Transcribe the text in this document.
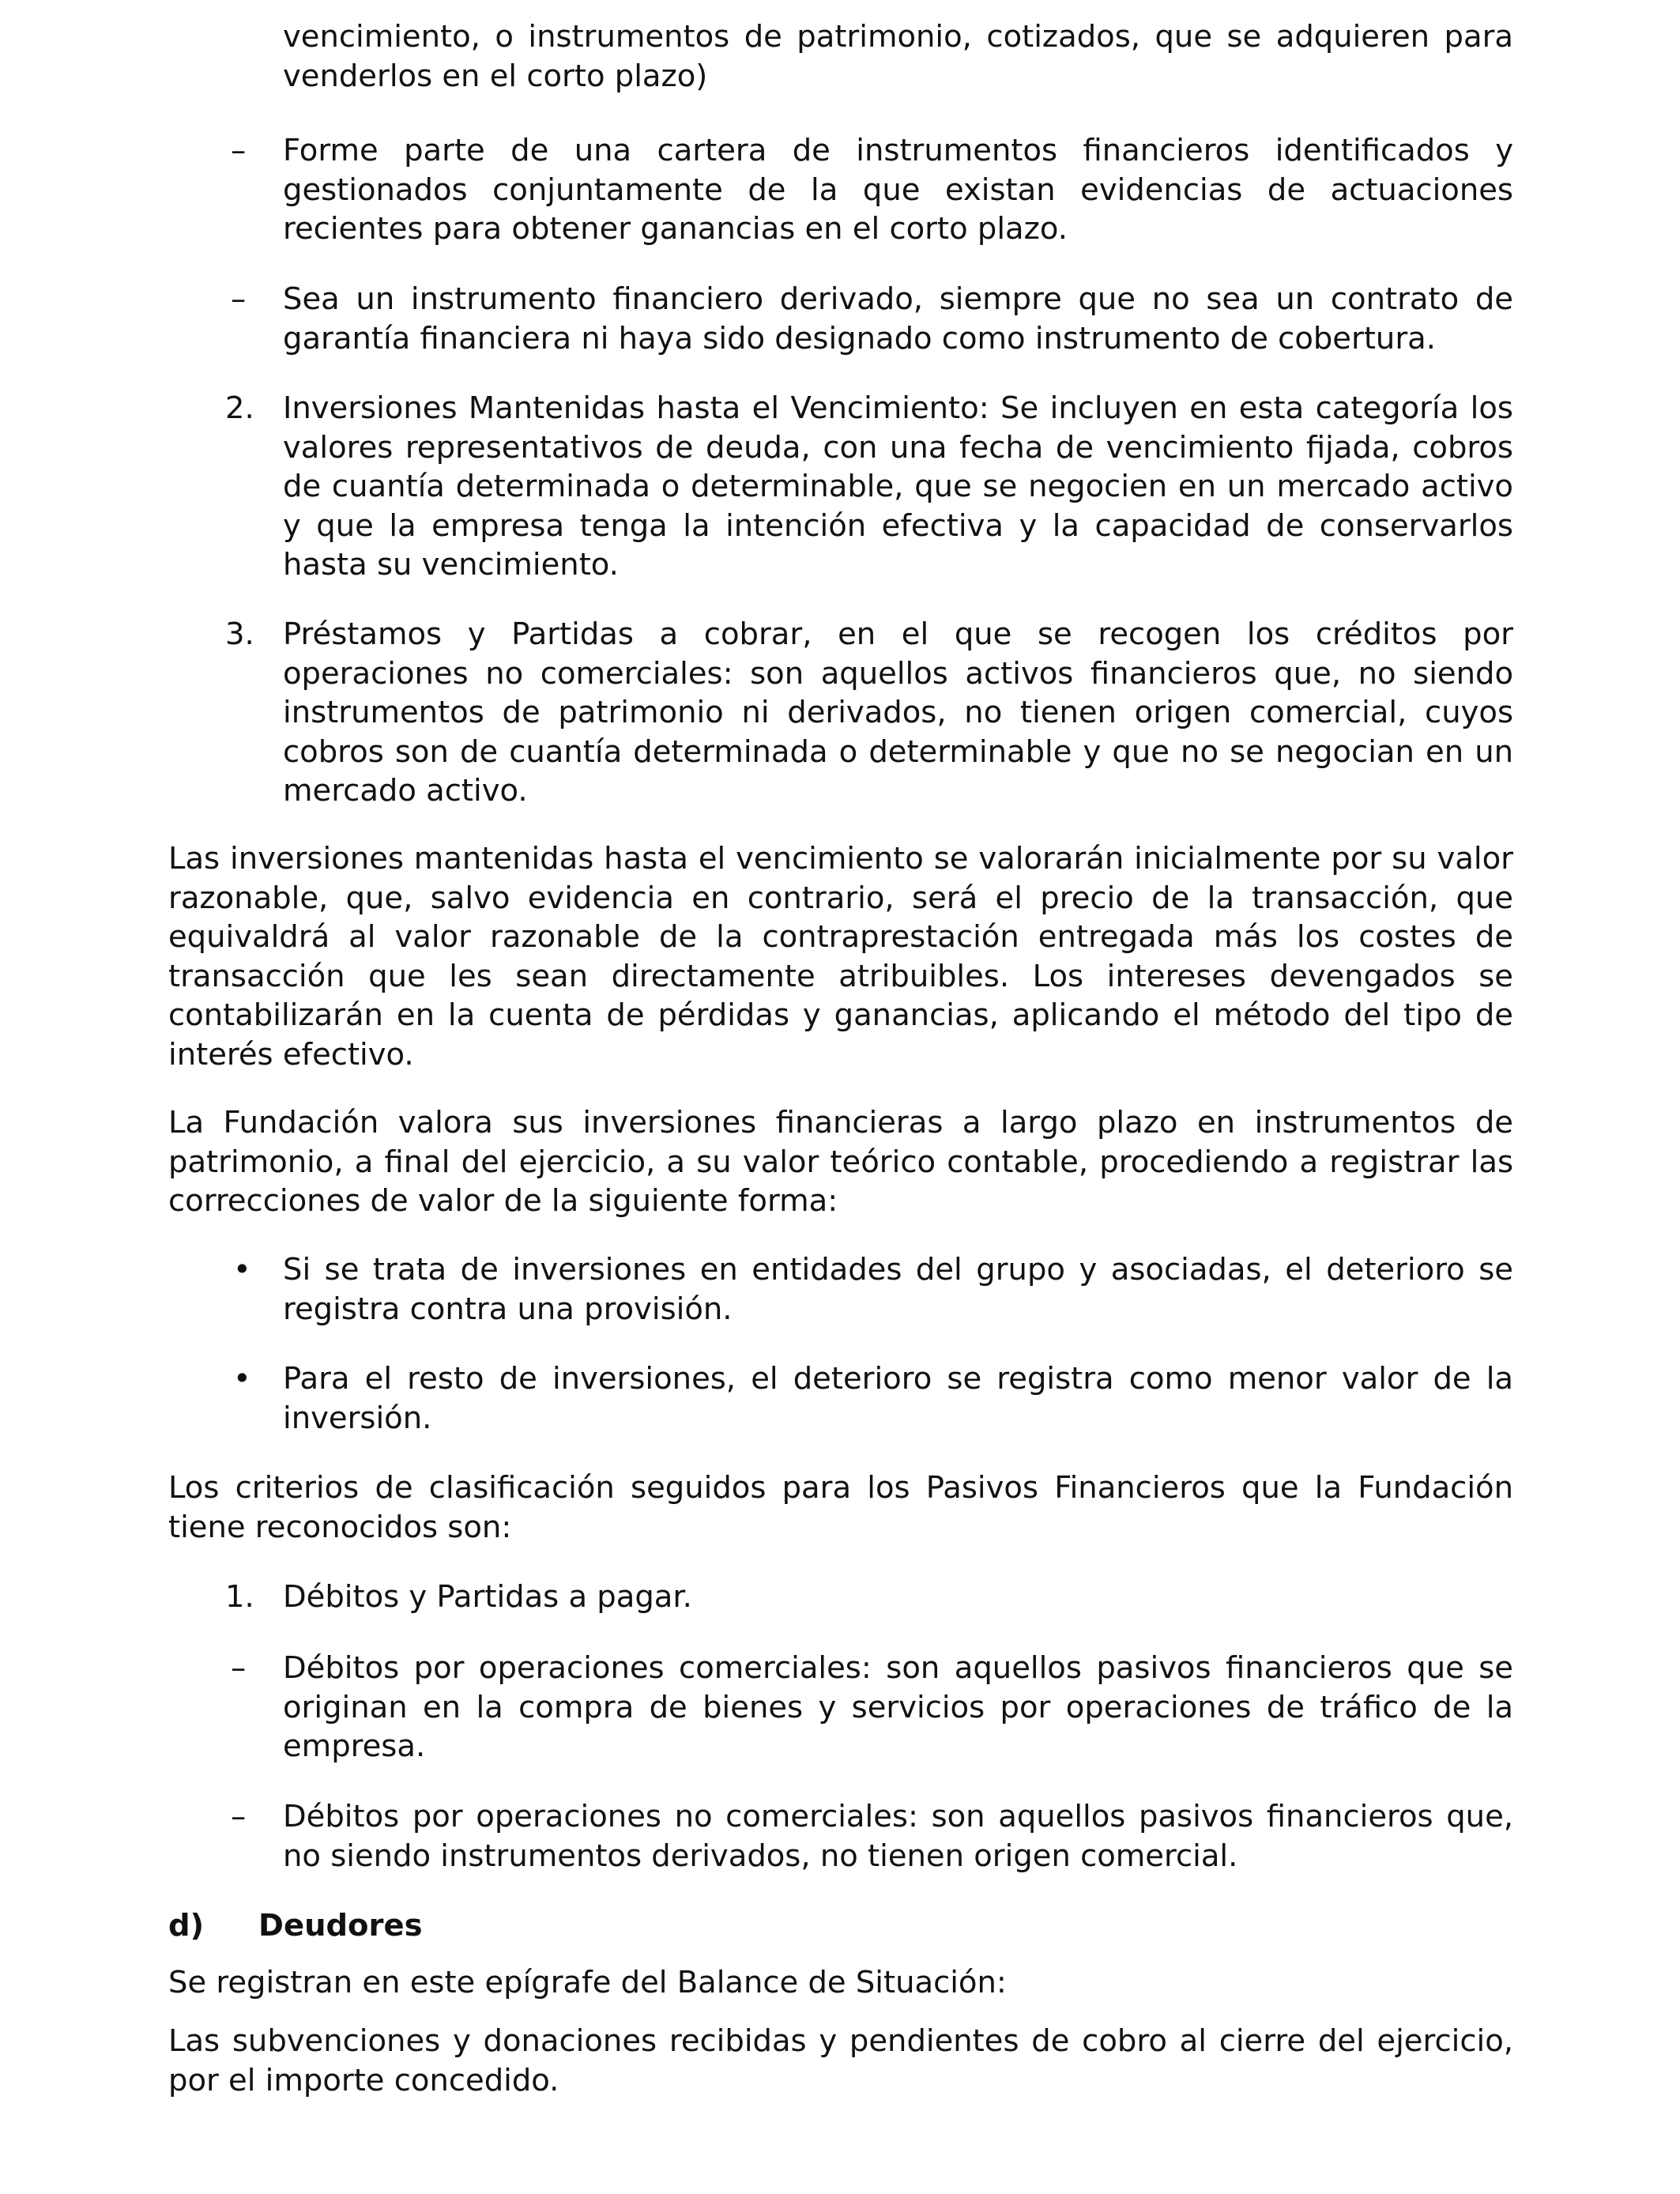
vencimiento, o instrumentos de patrimonio, cotizados, que se adquieren para venderlos en el corto plazo)

– Forme parte de una cartera de instrumentos financieros identificados y gestionados conjuntamente de la que existan evidencias de actuaciones recientes para obtener ganancias en el corto plazo.
– Sea un instrumento financiero derivado, siempre que no sea un contrato de garantía financiera ni haya sido designado como instrumento de cobertura.
2. Inversiones Mantenidas hasta el Vencimiento: Se incluyen en esta categoría los valores representativos de deuda, con una fecha de vencimiento fijada, cobros de cuantía determinada o determinable, que se negocien en un mercado activo y que la empresa tenga la intención efectiva y la capacidad de conservarlos hasta su vencimiento.
3. Préstamos y Partidas a cobrar, en el que se recogen los créditos por operaciones no comerciales: son aquellos activos financieros que, no siendo instrumentos de patrimonio ni derivados, no tienen origen comercial, cuyos cobros son de cuantía determinada o determinable y que no se negocian en un mercado activo.

Las inversiones mantenidas hasta el vencimiento se valorarán inicialmente por su valor razonable, que, salvo evidencia en contrario, será el precio de la transacción, que equivaldrá al valor razonable de la contraprestación entregada más los costes de transacción que les sean directamente atribuibles. Los intereses devengados se contabilizarán en la cuenta de pérdidas y ganancias, aplicando el método del tipo de interés efectivo.

La Fundación valora sus inversiones financieras a largo plazo en instrumentos de patrimonio, a final del ejercicio, a su valor teórico contable, procediendo a registrar las correcciones de valor de la siguiente forma:

• Si se trata de inversiones en entidades del grupo y asociadas, el deterioro se registra contra una provisión.
• Para el resto de inversiones, el deterioro se registra como menor valor de la inversión.

Los criterios de clasificación seguidos para los Pasivos Financieros que la Fundación tiene reconocidos son:

1. Débitos y Partidas a pagar.
– Débitos por operaciones comerciales: son aquellos pasivos financieros que se originan en la compra de bienes y servicios por operaciones de tráfico de la empresa.
– Débitos por operaciones no comerciales: son aquellos pasivos financieros que, no siendo instrumentos derivados, no tienen origen comercial.
d) Deudores

Se registran en este epígrafe del Balance de Situación:

Las subvenciones y donaciones recibidas y pendientes de cobro al cierre del ejercicio, por el importe concedido.
